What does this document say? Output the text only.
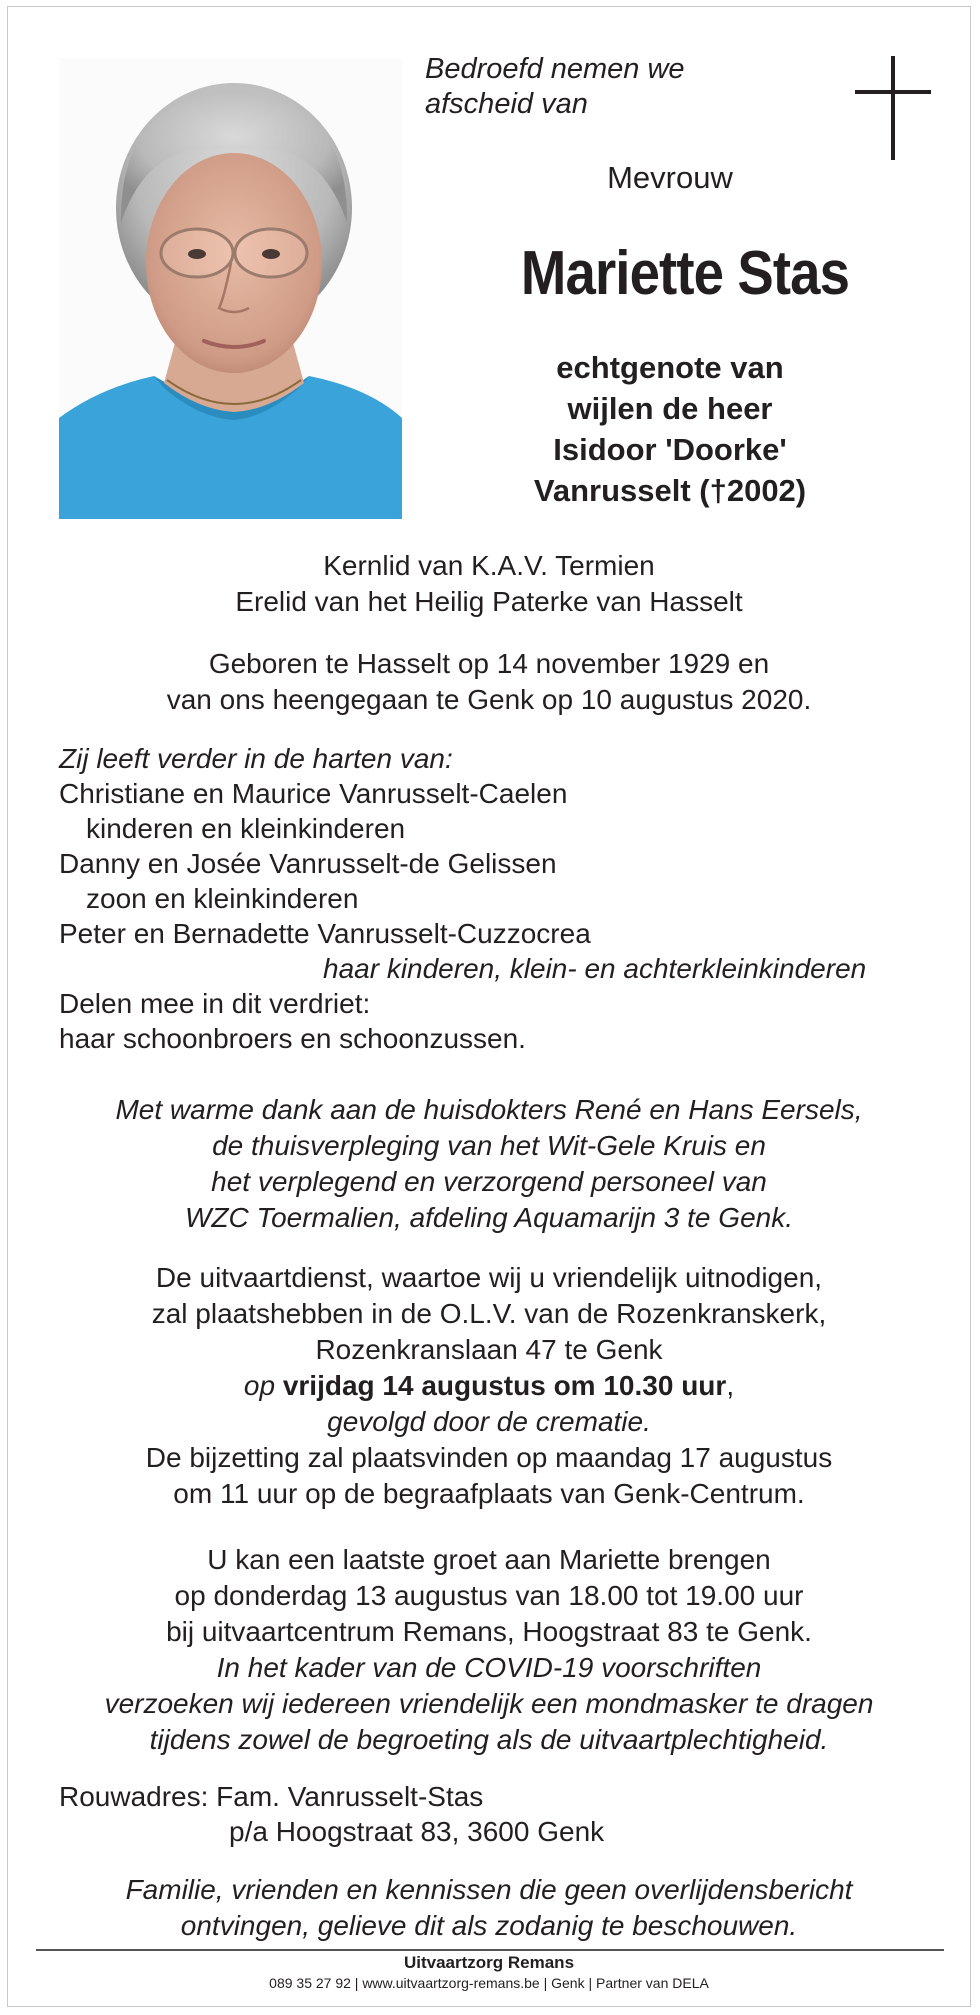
Bedroefd nemen we
afscheid van
Mevrouw
Mariette Stas
echtgenote van
wijlen de heer
Isidoor 'Doorke'
Vanrusselt (†2002)
Kernlid van K.A.V. Termien
Erelid van het Heilig Paterke van Hasselt
Geboren te Hasselt op 14 november 1929 en
van ons heengegaan te Genk op 10 augustus 2020.
Zij leeft verder in de harten van:
Christiane en Maurice Vanrusselt-Caelen
kinderen en kleinkinderen
Danny en Josée Vanrusselt-de Gelissen
zoon en kleinkinderen
Peter en Bernadette Vanrusselt-Cuzzocrea
haar kinderen, klein- en achterkleinkinderen
Delen mee in dit verdriet:
haar schoonbroers en schoonzussen.
Met warme dank aan de huisdokters René en Hans Eersels,
de thuisverpleging van het Wit-Gele Kruis en
het verplegend en verzorgend personeel van
WZC Toermalien, afdeling Aquamarijn 3 te Genk.
De uitvaartdienst, waartoe wij u vriendelijk uitnodigen,
zal plaatshebben in de O.L.V. van de Rozenkranskerk,
Rozenkranslaan 47 te Genk
op vrijdag 14 augustus om 10.30 uur,
gevolgd door de crematie.
De bijzetting zal plaatsvinden op maandag 17 augustus
om 11 uur op de begraafplaats van Genk-Centrum.
U kan een laatste groet aan Mariette brengen
op donderdag 13 augustus van 18.00 tot 19.00 uur
bij uitvaartcentrum Remans, Hoogstraat 83 te Genk.
In het kader van de COVID-19 voorschriften
verzoeken wij iedereen vriendelijk een mondmasker te dragen
tijdens zowel de begroeting als de uitvaartplechtigheid.
Rouwadres: Fam. Vanrusselt-Stas
p/a Hoogstraat 83, 3600 Genk
Familie, vrienden en kennissen die geen overlijdensbericht
ontvingen, gelieve dit als zodanig te beschouwen.
Uitvaartzorg Remans
089 35 27 92 | www.uitvaartzorg-remans.be | Genk | Partner van DELA
